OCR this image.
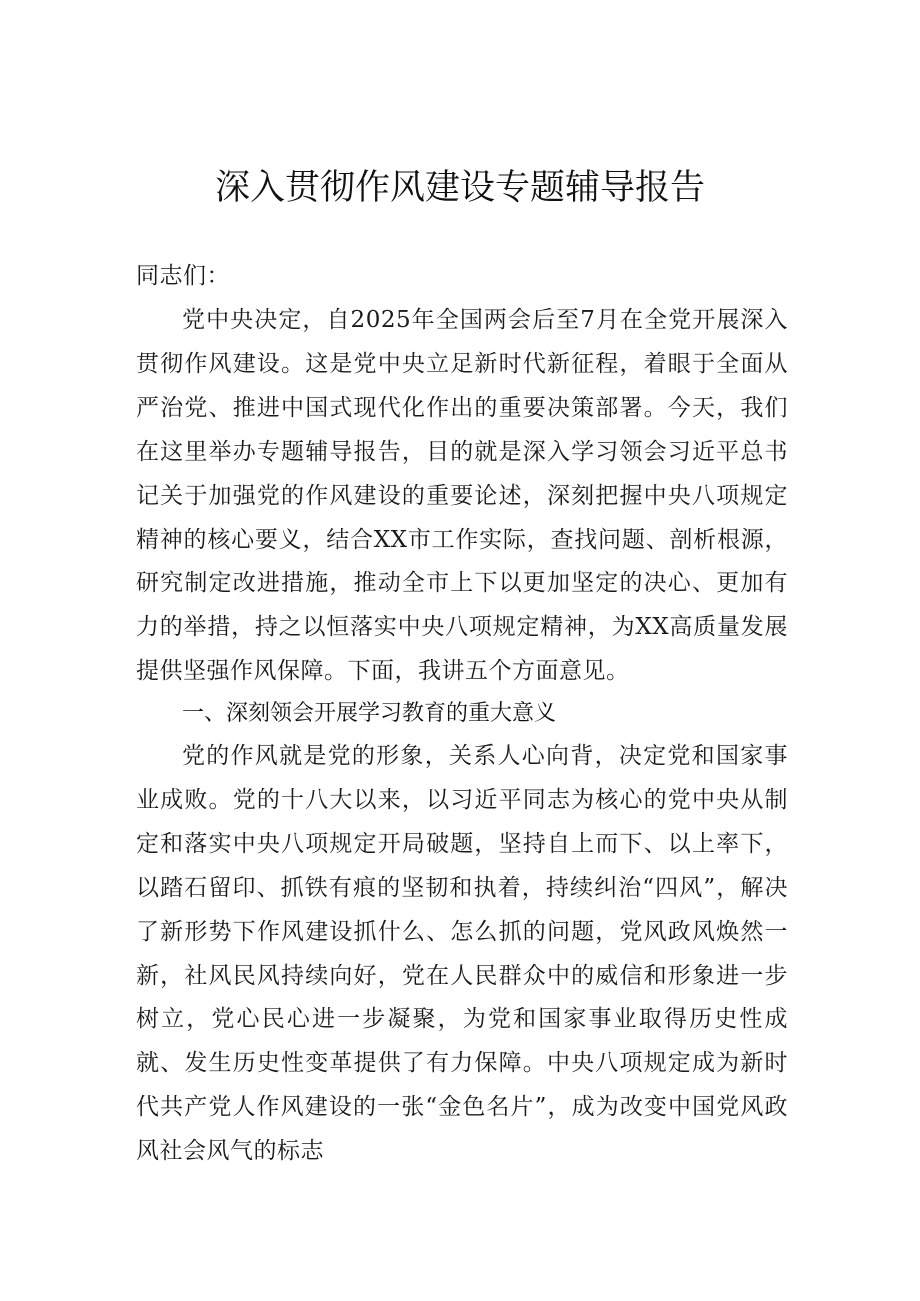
深入贯彻作风建设专题辅导报告
同志们：
党中央决定，自2025年全国两会后至7月在全党开展深入贯彻作风建设。这是党中央立足新时代新征程，着眼于全面从严治党、推进中国式现代化作出的重要决策部署。今天，我们在这里举办专题辅导报告，目的就是深入学习领会习近平总书记关于加强党的作风建设的重要论述，深刻把握中央八项规定精神的核心要义，结合XX市工作实际，查找问题、剖析根源，研究制定改进措施，推动全市上下以更加坚定的决心、更加有力的举措，持之以恒落实中央八项规定精神，为XX高质量发展提供坚强作风保障。下面，我讲五个方面意见。
一、深刻领会开展学习教育的重大意义
党的作风就是党的形象，关系人心向背，决定党和国家事业成败。党的十八大以来，以习近平同志为核心的党中央从制定和落实中央八项规定开局破题，坚持自上而下、以上率下，以踏石留印、抓铁有痕的坚韧和执着，持续纠治“四风”，解决了新形势下作风建设抓什么、怎么抓的问题，党风政风焕然一新，社风民风持续向好，党在人民群众中的威信和形象进一步树立，党心民心进一步凝聚，为党和国家事业取得历史性成就、发生历史性变革提供了有力保障。中央八项规定成为新时代共产党人作风建设的一张“金色名片”，成为改变中国党风政风社会风气的标志
